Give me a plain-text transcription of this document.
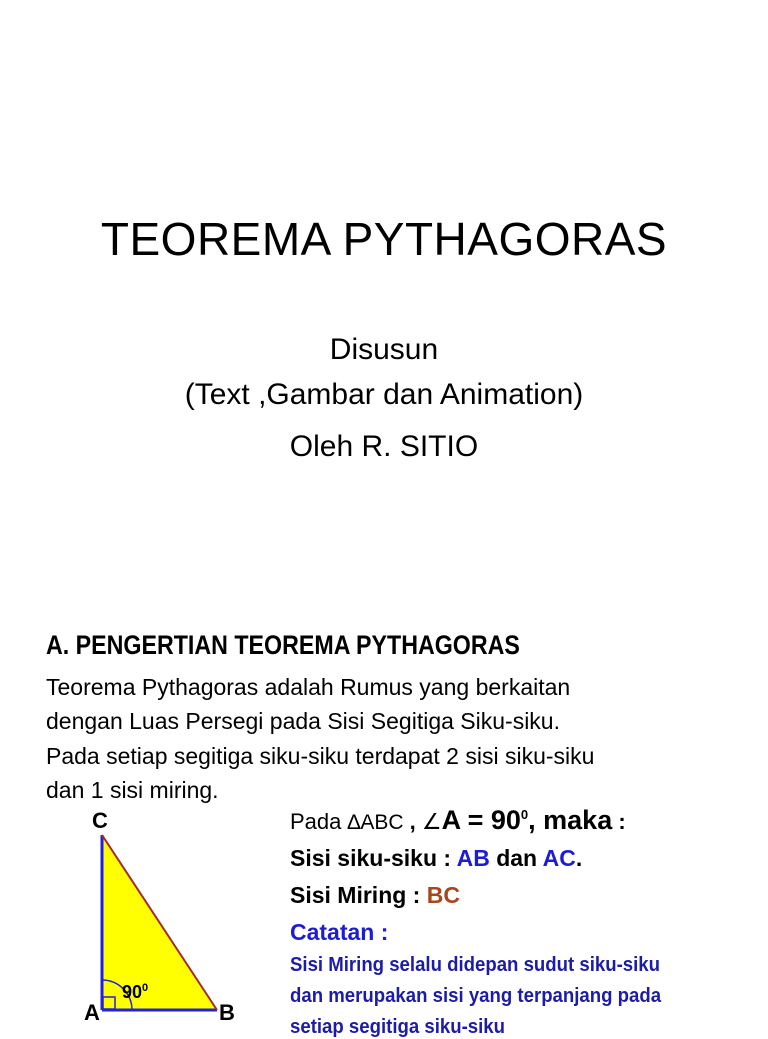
TEOREMA PYTHAGORAS
Disusun
(Text ,Gambar dan Animation)
Oleh R. SITIO
A. PENGERTIAN TEOREMA PYTHAGORAS
Teorema Pythagoras adalah Rumus yang berkaitan
dengan Luas Persegi pada Sisi Segitiga Siku-siku.
Pada setiap segitiga siku-siku terdapat 2 sisi siku-siku
dan 1 sisi miring.
C
A	B
$90^0$
Pada ∆ABC , ∠A = $90^0$, maka :
Sisi siku-siku : AB dan AC.
Sisi Miring : BC
Catatan :
Sisi Miring selalu didepan sudut siku-siku
dan merupakan sisi yang terpanjang pada
setiap segitiga siku-siku
